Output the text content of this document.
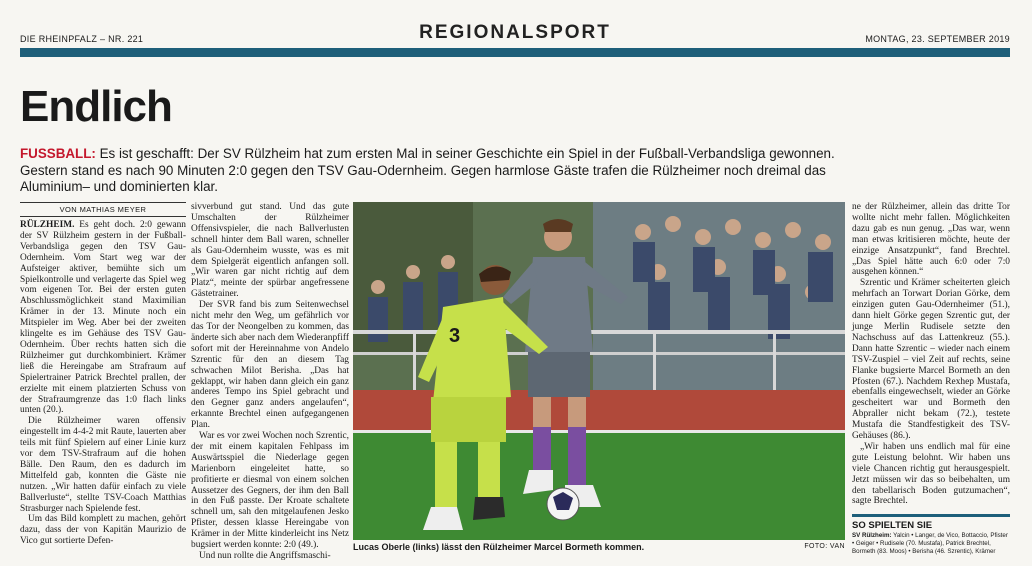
DIE RHEINPFALZ – NR. 221	REGIONALSPORT	MONTAG, 23. SEPTEMBER 2019
Endlich
FUSSBALL: Es ist geschafft: Der SV Rülzheim hat zum ersten Mal in seiner Geschichte ein Spiel in der Fußball-Verbandsliga gewonnen. Gestern stand es nach 90 Minuten 2:0 gegen den TSV Gau-Odernheim. Gegen harmlose Gäste trafen die Rülzheimer noch dreimal das Aluminium– und dominierten klar.
VON MATHIAS MEYER

RÜLZHEIM. Es geht doch. 2:0 gewann der SV Rülzheim gestern in der Fußball-Verbandsliga gegen den TSV Gau-Odernheim. Vom Start weg war der Aufsteiger aktiver, bemühte sich um Spielkontrolle und verlagerte das Spiel weg vom eigenen Tor. Bei der ersten guten Abschlussmöglichkeit stand Maximilian Krämer in der 13. Minute noch ein Mitspieler im Weg. Aber bei der zweiten klingelte es im Gehäuse des TSV Gau-Odernheim. Über rechts hatten sich die Rülzheimer gut durchkombiniert. Krämer ließ die Hereingabe am Strafraum auf Spielertrainer Patrick Brechtel prallen, der erzielte mit einem platzierten Schuss von der Strafraumgrenze das 1:0 flach links unten (20.).

Die Rülzheimer waren offensiv eingestellt im 4-4-2 mit Raute, lauerten aber teils mit fünf Spielern auf einer Linie kurz vor dem TSV-Strafraum auf die hohen Bälle. Den Raum, den es dadurch im Mittelfeld gab, konnten die Gäste nie nutzen. „Wir hatten dafür einfach zu viele Ballverluste“, stellte TSV-Coach Matthias Strasburger nach Spielende fest.

Um das Bild komplett zu machen, gehört dazu, dass der von Kapitän Maurizio de Vico gut sortierte Defen-

sivverbund gut stand. Und das gute Umschalten der Rülzheimer Offensivspieler, die nach Ballverlusten schnell hinter dem Ball waren, schneller als Gau-Odernheim wusste, was es mit dem Spielgerät eigentlich anfangen soll. „Wir waren gar nicht richtig auf dem Platz“, meinte der spürbar angefressene Gästetrainer.

Der SVR fand bis zum Seitenwechsel nicht mehr den Weg, um gefährlich vor das Tor der Neongelben zu kommen, das änderte sich aber nach dem Wiederanpfiff sofort mit der Hereinnahme von Andelo Szrentic für den an diesem Tag schwachen Milot Berisha. „Das hat geklappt, wir haben dann gleich ein ganz anderes Tempo ins Spiel gebracht und den Gegner ganz anders angelaufen“, erkannte Brechtel einen aufgegangenen Plan.

War es vor zwei Wochen noch Szrentic, der mit einem kapitalen Fehlpass im Auswärtsspiel die Niederlage gegen Marienborn eingeleitet hatte, so profitierte er diesmal von einem solchen Aussetzer des Gegners, der ihm den Ball in den Fuß passte. Der Kroate schaltete schnell um, sah den mitgelaufenen Jesko Pfister, dessen klasse Hereingabe von Krämer in der Mitte kinderleicht ins Netz bugsiert werden konnte: 2:0 (49.).

Und nun rollte die Angriffsmaschi-

3
Lucas Oberle (links) lässt den Rülzheimer Marcel Bormeth kommen.	FOTO: VAN

ne der Rülzheimer, allein das dritte Tor wollte nicht mehr fallen. Möglichkeiten dazu gab es nun genug. „Das war, wenn man etwas kritisieren möchte, heute der einzige Ansatzpunkt“, fand Brechtel. „Das Spiel hätte auch 6:0 oder 7:0 ausgehen können.“

Szrentic und Krämer scheiterten gleich mehrfach an Torwart Dorian Görke, dem einzigen guten Gau-Odernheimer (51.), dann hielt Görke gegen Szrentic gut, der junge Merlin Rudisele setzte den Nachschuss auf das Lattenkreuz (55.). Dann hatte Szrentic – wieder nach einem TSV-Zuspiel – viel Zeit auf rechts, seine Flanke bugsierte Marcel Bormeth an den Pfosten (67.). Nachdem Rexhep Mustafa, ebenfalls eingewechselt, wieder an Görke gescheitert war und Bormeth den Abpraller nicht bekam (72.), testete Mustafa die Standfestigkeit des TSV-Gehäuses (86.).

„Wir haben uns endlich mal für eine gute Leistung belohnt. Wir haben uns viele Chancen richtig gut herausgespielt. Jetzt müssen wir das so beibehalten, um den tabellarisch Boden gutzumachen“, sagte Brechtel.

SO SPIELTEN SIE
SV Rülzheim: Yalcin • Langer, de Vico, Bottaccio, Pfister • Geiger • Rudisele (70. Mustafa), Patrick Brechtel, Bormeth (83. Moos) • Berisha (46. Szrentic), Krämer
